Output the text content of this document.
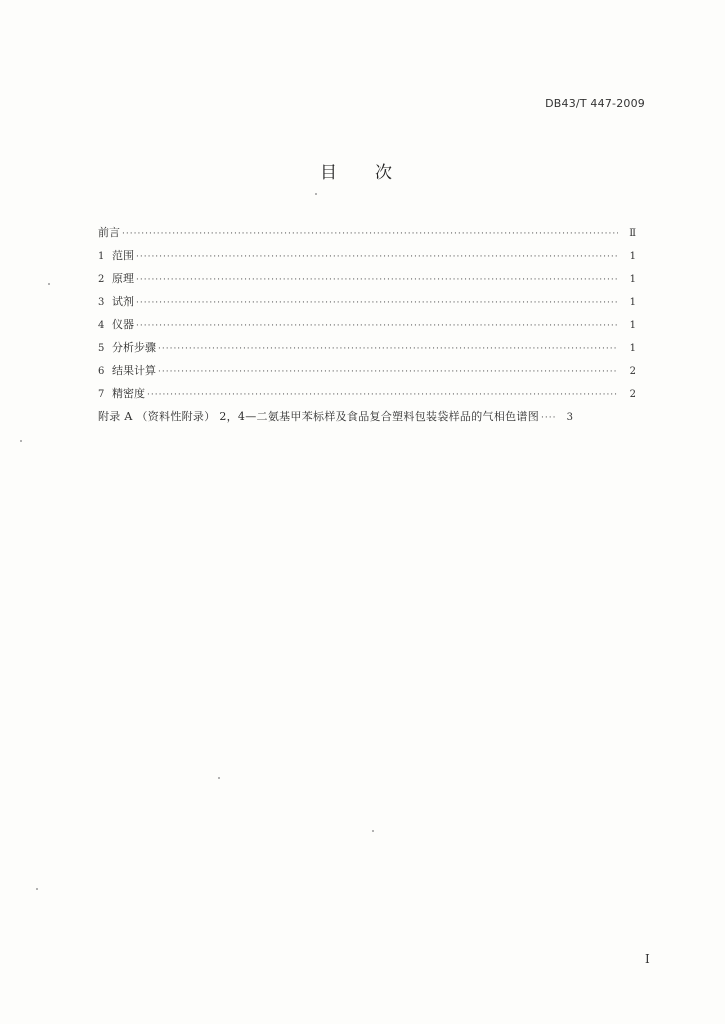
DB43/T 447-2009
目次
前言 ·····	Ⅱ
1 范围 ·····	1
2 原理 ·····	1
3 试剂 ·····	1
4 仪器 ·····	1
5 分析步骤 ·····	1
6 结果计算 ·····	2
7 精密度 ·····	2
附录 A （资料性附录） 2，4—二氨基甲苯标样及食品复合塑料包装袋样品的气相色谱图 ·····	3
I
